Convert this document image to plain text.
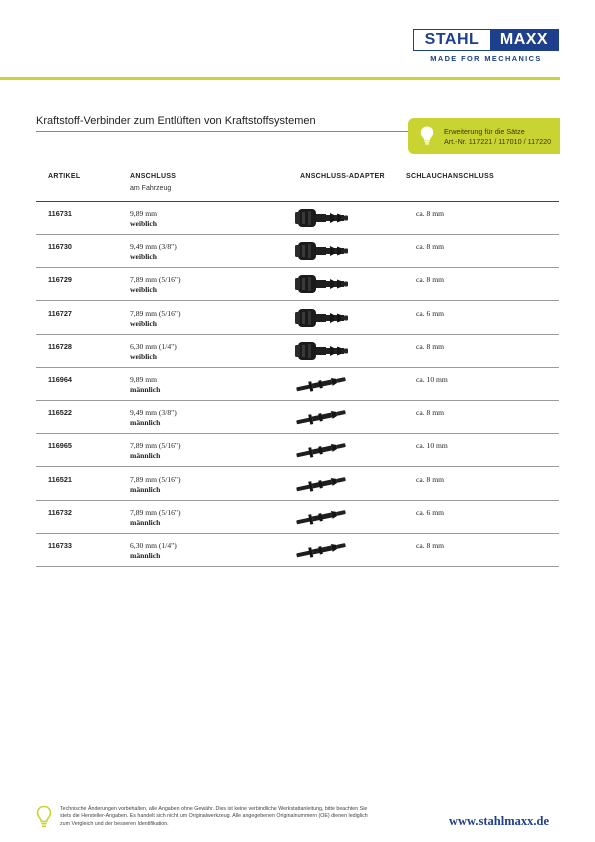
STAHL	MAXX
MADE FOR MECHANICS
Kraftstoff-Verbinder zum Entlüften von Kraftstoffsystemen
Erweiterung für die Sätze
Art.-Nr. 117221 / 117010 / 117220
ARTIKEL	ANSCHLUSS
am Fahrzeug
ANSCHLUSS-ADAPTER	SCHLAUCHANSCHLUSS
116731	9,89 mm
weiblich
ca. 8 mm
116730	9,49 mm (3/8")
weiblich
ca. 8 mm
116729	7,89 mm (5/16")
weiblich
ca. 8 mm
116727	7,89 mm (5/16")
weiblich
ca. 6 mm
116728	6,30 mm (1/4")
weiblich
ca. 8 mm
116964	9,89 mm
männlich
ca. 10 mm
116522	9,49 mm (3/8")
männlich
ca. 8 mm
116965	7,89 mm (5/16")
männlich
ca. 10 mm
116521	7,89 mm (5/16")
männlich
ca. 8 mm
116732	7,89 mm (5/16")
männlich
ca. 6 mm
116733	6,30 mm (1/4")
männlich
ca. 8 mm
Technische Änderungen vorbehalten, alle Angaben ohne Gewähr. Dies ist keine verbindliche Werkstattanleitung, bitte beachten Sie
stets die Hersteller-Angaben. Es handelt sich nicht um Originalwerkzeug. Alle angegebenen Originalnummern (OE) dienen lediglich
zum Vergleich und der besseren Identifikation.	www.stahlmaxx.de
